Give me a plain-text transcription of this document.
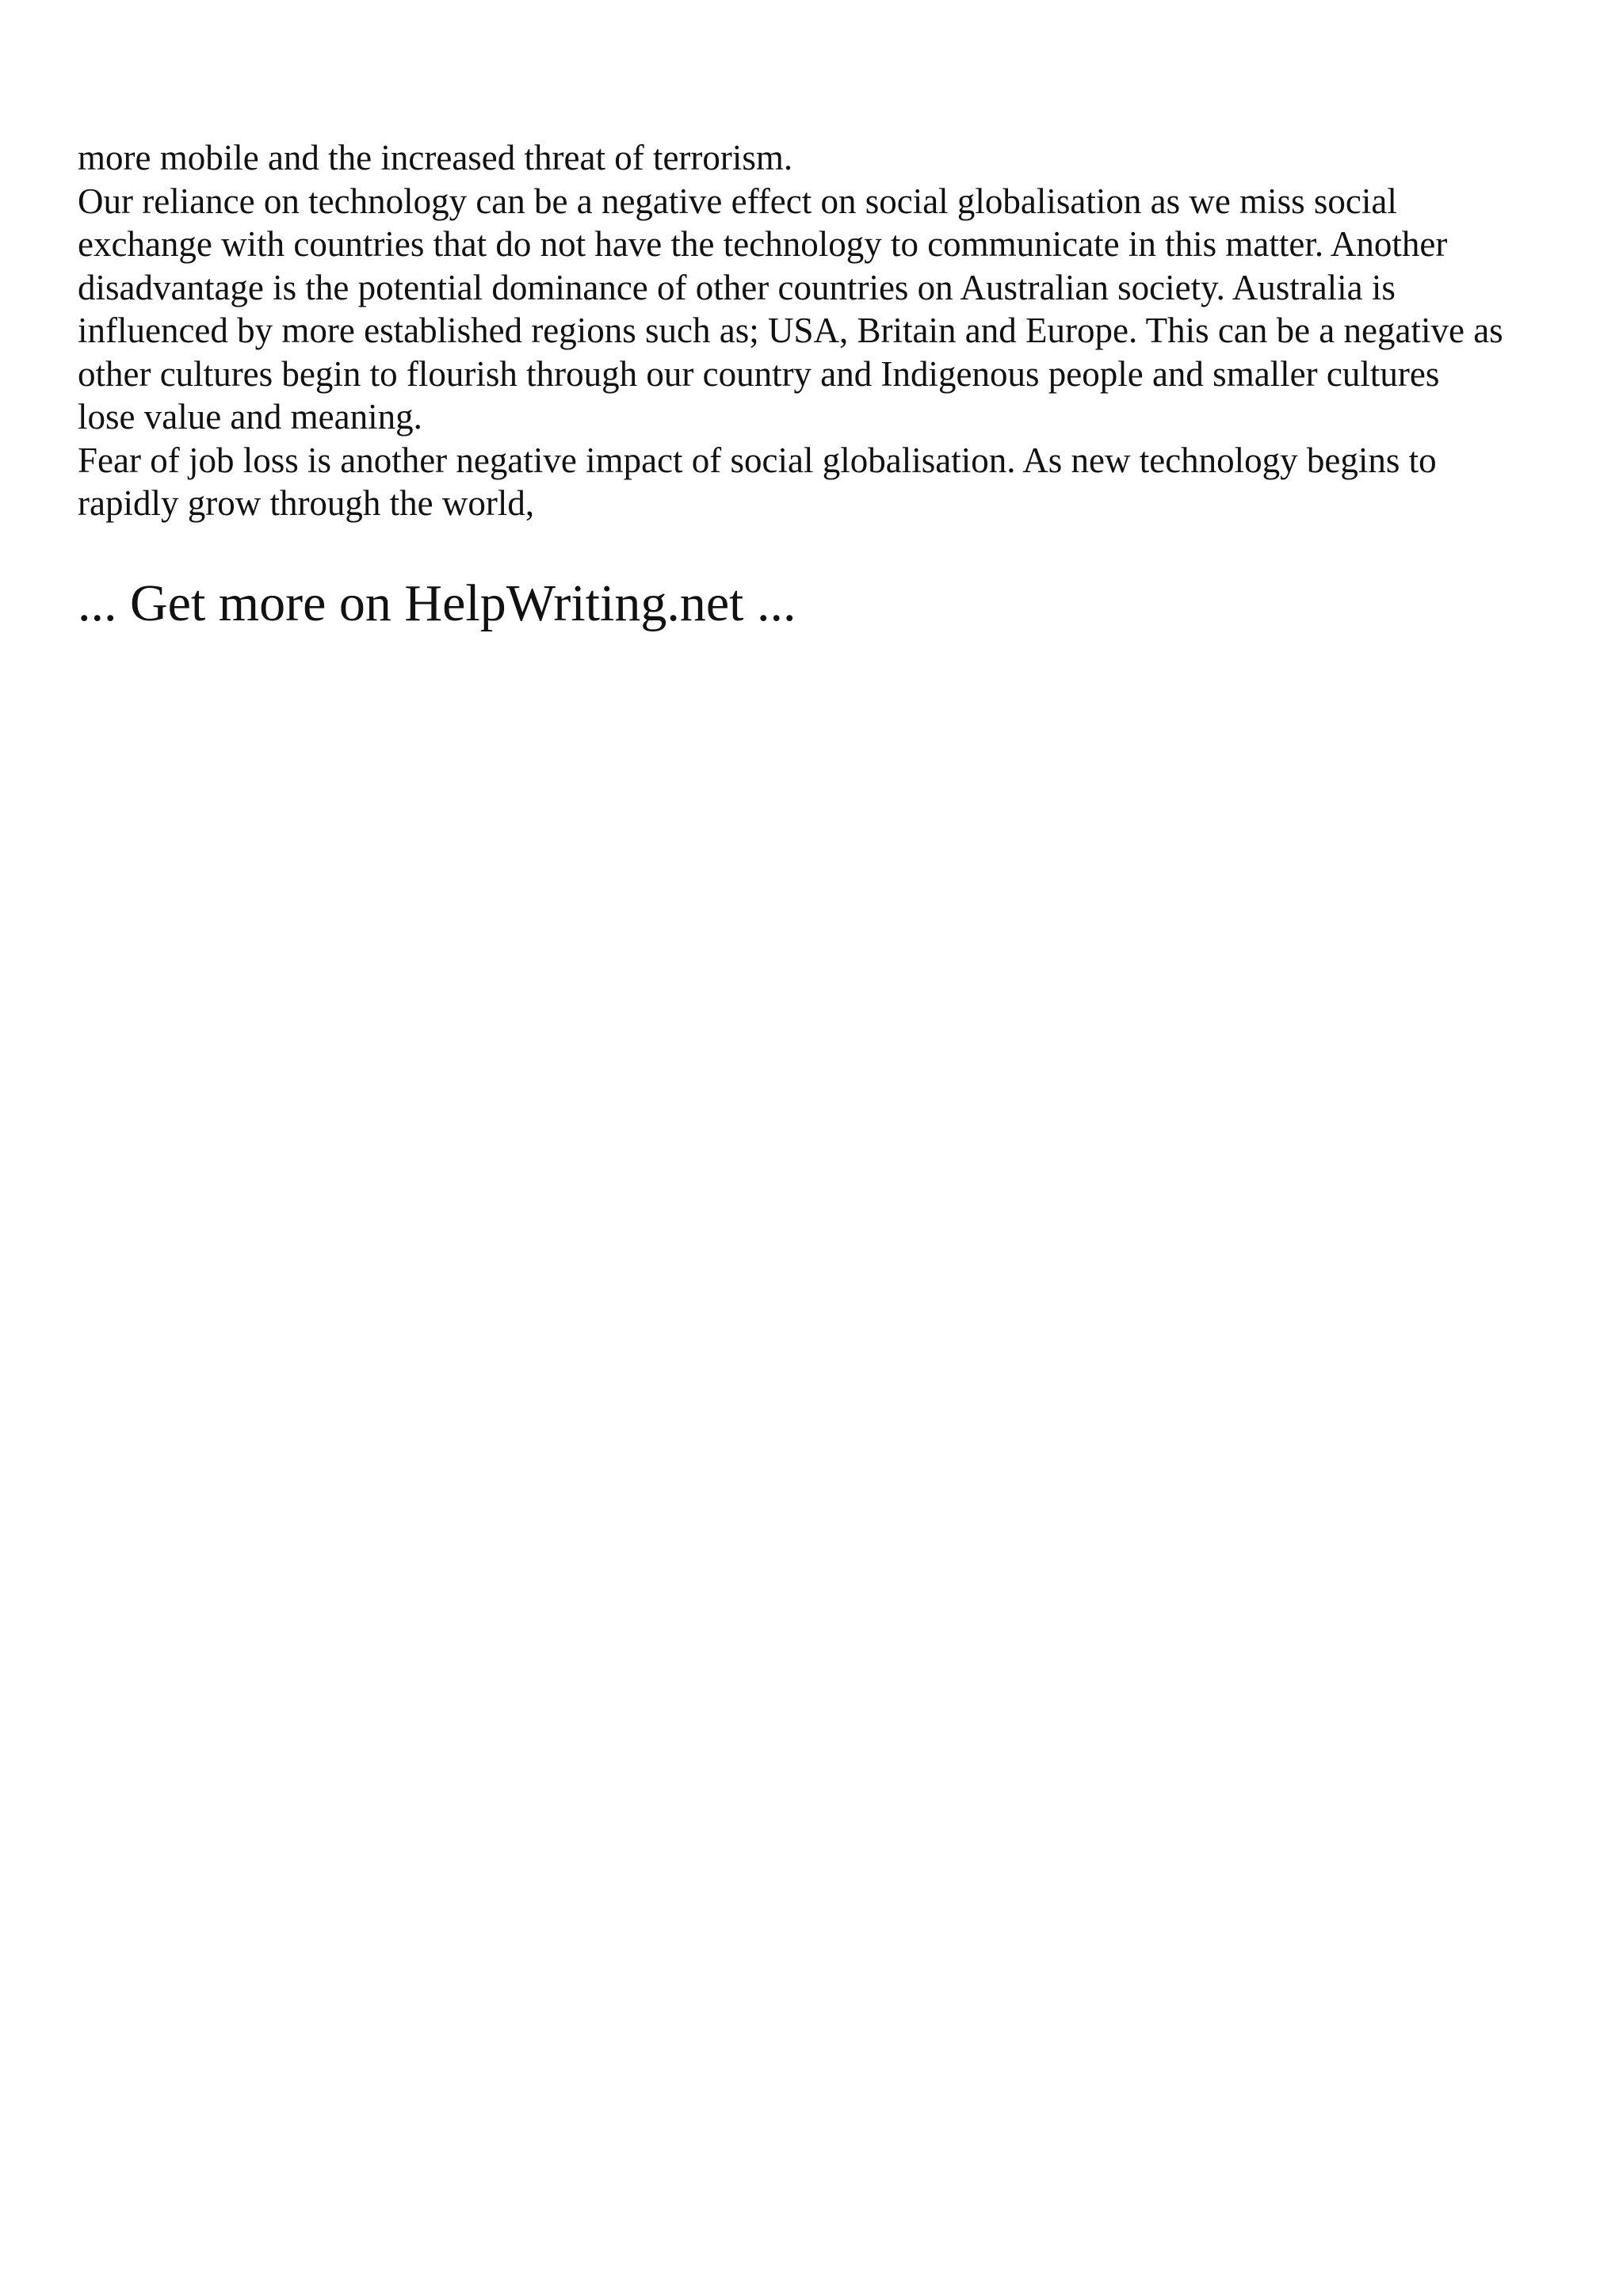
more mobile and the increased threat of terrorism.
Our reliance on technology can be a negative effect on social globalisation as we miss social
exchange with countries that do not have the technology to communicate in this matter. Another
disadvantage is the potential dominance of other countries on Australian society. Australia is
influenced by more established regions such as; USA, Britain and Europe. This can be a negative as
other cultures begin to flourish through our country and Indigenous people and smaller cultures
lose value and meaning.
Fear of job loss is another negative impact of social globalisation. As new technology begins to
rapidly grow through the world,
... Get more on HelpWriting.net ...
